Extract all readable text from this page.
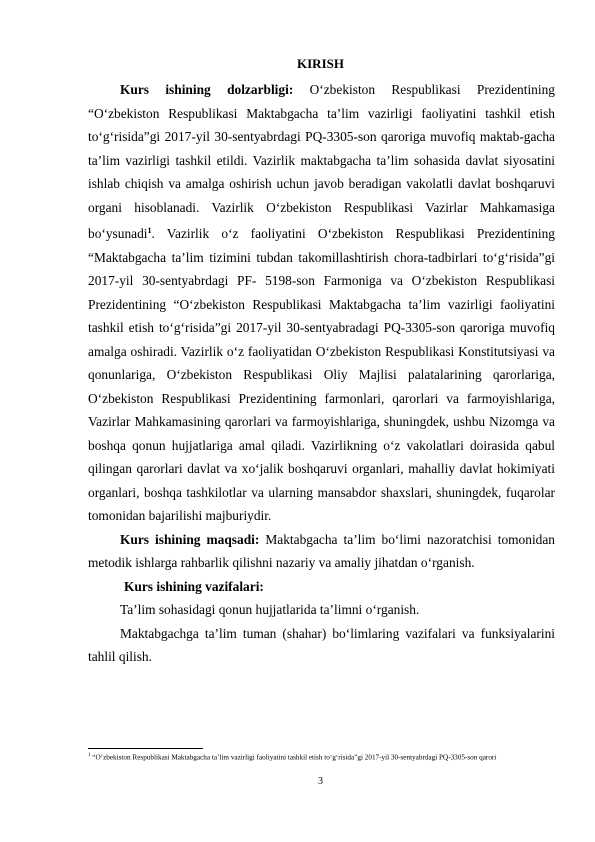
KIRISH

Kurs ishining dolzarbligi: O‘zbekiston Respublikasi Prezidentining “O‘zbekiston Respublikasi Maktabgacha ta’lim vazirligi faoliyatini tashkil etish to‘g‘risida”gi 2017-yil 30-sentyabrdagi PQ-3305-son qaroriga muvofiq maktab-gacha ta’lim vazirligi tashkil etildi. Vazirlik maktabgacha ta’lim sohasida davlat siyosatini ishlab chiqish va amalga oshirish uchun javob beradigan vakolatli davlat boshqaruvi organi hisoblanadi. Vazirlik O‘zbekiston Respublikasi Vazirlar Mahkamasiga bo‘ysunadi$^1$. Vazirlik o‘z faoliyatini O‘zbekiston Respublikasi Prezidentining “Maktabgacha ta’lim tizimini tubdan takomillashtirish chora-tadbirlari to‘g‘risida”gi 2017-yil 30-sentyabrdagi PF- 5198-son Farmoniga va O‘zbekiston Respublikasi Prezidentining “O‘zbekiston Respublikasi Maktabgacha ta’lim vazirligi faoliyatini tashkil etish to‘g‘risida”gi 2017-yil 30-sentyabradagi PQ-3305-son qaroriga muvofiq amalga oshiradi. Vazirlik o‘z faoliyatidan O‘zbekiston Respublikasi Konstitutsiyasi va qonunlariga, O‘zbekiston Respublikasi Oliy Majlisi palatalarining qarorlariga, O‘zbekiston Respublikasi Prezidentining farmonlari, qarorlari va farmoyishlariga, Vazirlar Mahkamasining qarorlari va farmoyishlariga, shuningdek, ushbu Nizomga va boshqa qonun hujjatlariga amal qiladi. Vazirlikning o‘z vakolatlari doirasida qabul qilingan qarorlari davlat va xo‘jalik boshqaruvi organlari, mahalliy davlat hokimiyati organlari, boshqa tashkilotlar va ularning mansabdor shaxslari, shuningdek, fuqarolar tomonidan bajarilishi majburiydir.

Kurs ishining maqsadi: Maktabgacha ta’lim bo‘limi nazoratchisi tomonidan metodik ishlarga rahbarlik qilishni nazariy va amaliy jihatdan o‘rganish.

Kurs ishining vazifalari:

Ta’lim sohasidagi qonun hujjatlarida ta’limni o‘rganish.

Maktabgachga ta’lim tuman (shahar) bo‘limlaring vazifalari va funksiyalarini tahlil qilish.

$^1$ “O‘zbekiston Respublikasi Maktabgacha ta’lim vazirligi faoliyatini tashkil etish to‘g‘risida”gi 2017-yil 30-sentyabrdagi PQ-3305-son qarori
3
